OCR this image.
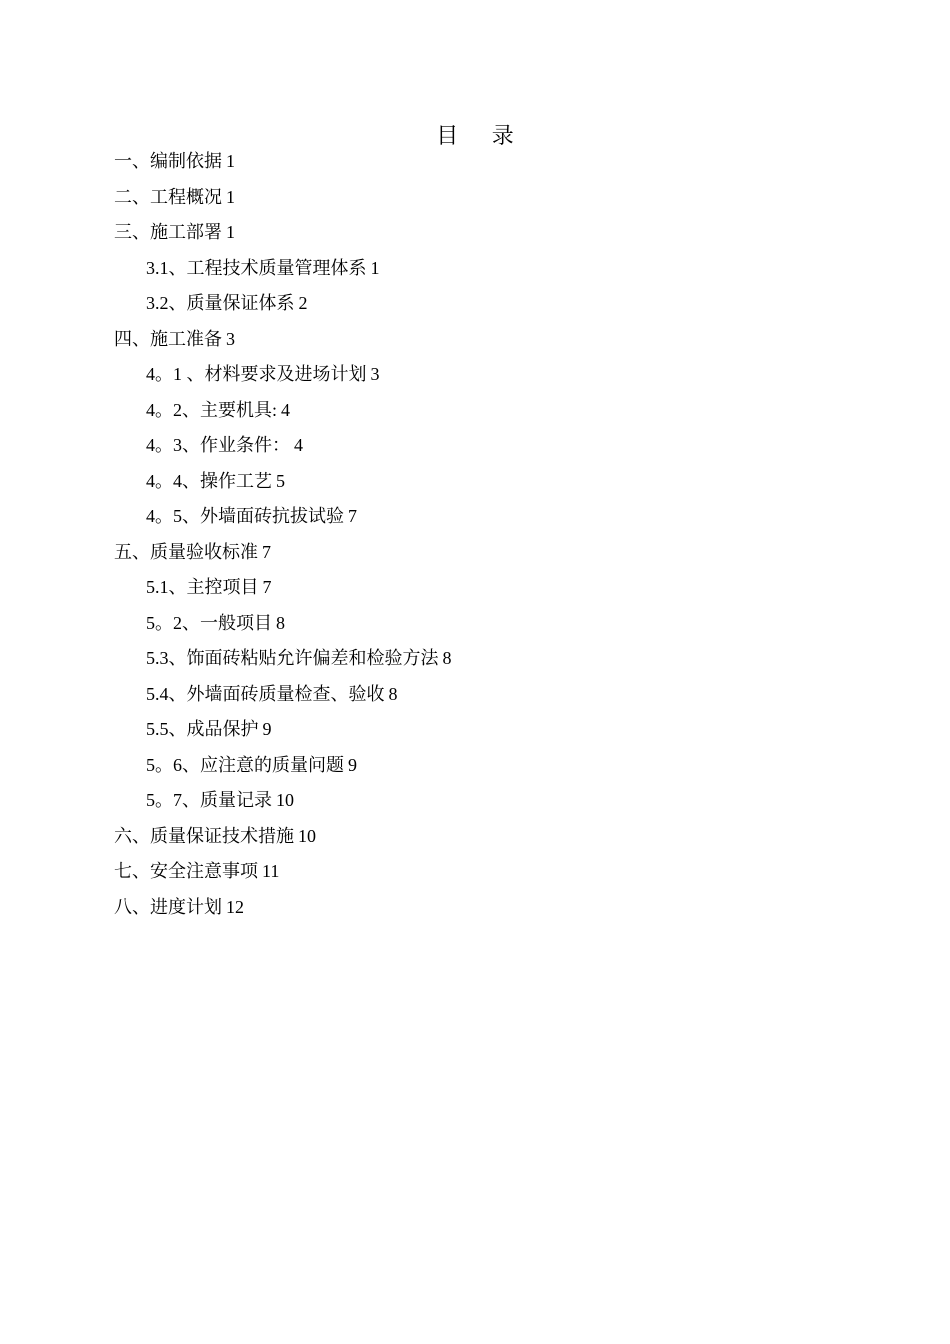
目 录
一、编制依据 1
二、工程概况 1
三、施工部署 1
3.1、工程技术质量管理体系 1
3.2、质量保证体系 2
四、施工准备 3
4。1 、材料要求及进场计划 3
4。2、主要机具: 4
4。3、作业条件： 4
4。4、操作工艺 5
4。5、外墙面砖抗拔试验 7
五、质量验收标准 7
5.1、主控项目 7
5。2、一般项目 8
5.3、饰面砖粘贴允许偏差和检验方法 8
5.4、外墙面砖质量检查、验收 8
5.5、成品保护 9
5。6、应注意的质量问题 9
5。7、质量记录 10
六、质量保证技术措施 10
七、安全注意事项 11
八、进度计划 12
